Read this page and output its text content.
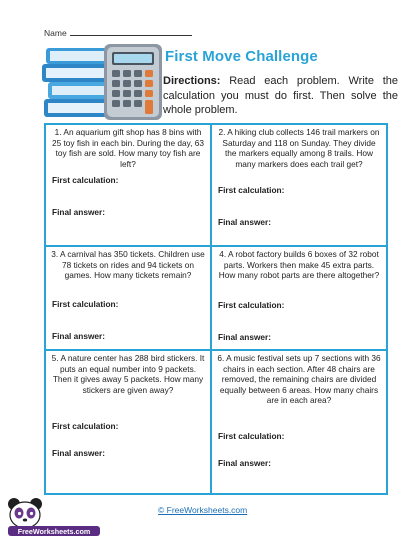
Name
First Move Challenge
Directions: Read each problem. Write the calculation you must do first. Then solve the whole problem.

1. An aquarium gift shop has 8 bins with 25 toy fish in each bin. During the day, 63 toy fish are sold. How many toy fish are left?

First calculation:
Final answer:

2. A hiking club collects 146 trail markers on Saturday and 118 on Sunday. They divide the markers equally among 8 trails. How many markers does each trail get?

First calculation:
Final answer:

3. A carnival has 350 tickets. Children use 78 tickets on rides and 94 tickets on games. How many tickets remain?

First calculation:
Final answer:

4. A robot factory builds 6 boxes of 32 robot parts. Workers then make 45 extra parts. How many robot parts are there altogether?

First calculation:
Final answer:

5. A nature center has 288 bird stickers. It puts an equal number into 9 packets. Then it gives away 5 packets. How many stickers are given away?

First calculation:
Final answer:

6. A music festival sets up 7 sections with 36 chairs in each section. After 48 chairs are removed, the remaining chairs are divided equally between 6 areas. How many chairs are in each area?

First calculation:
Final answer:
FreeWorksheets.com
© FreeWorksheets.com
